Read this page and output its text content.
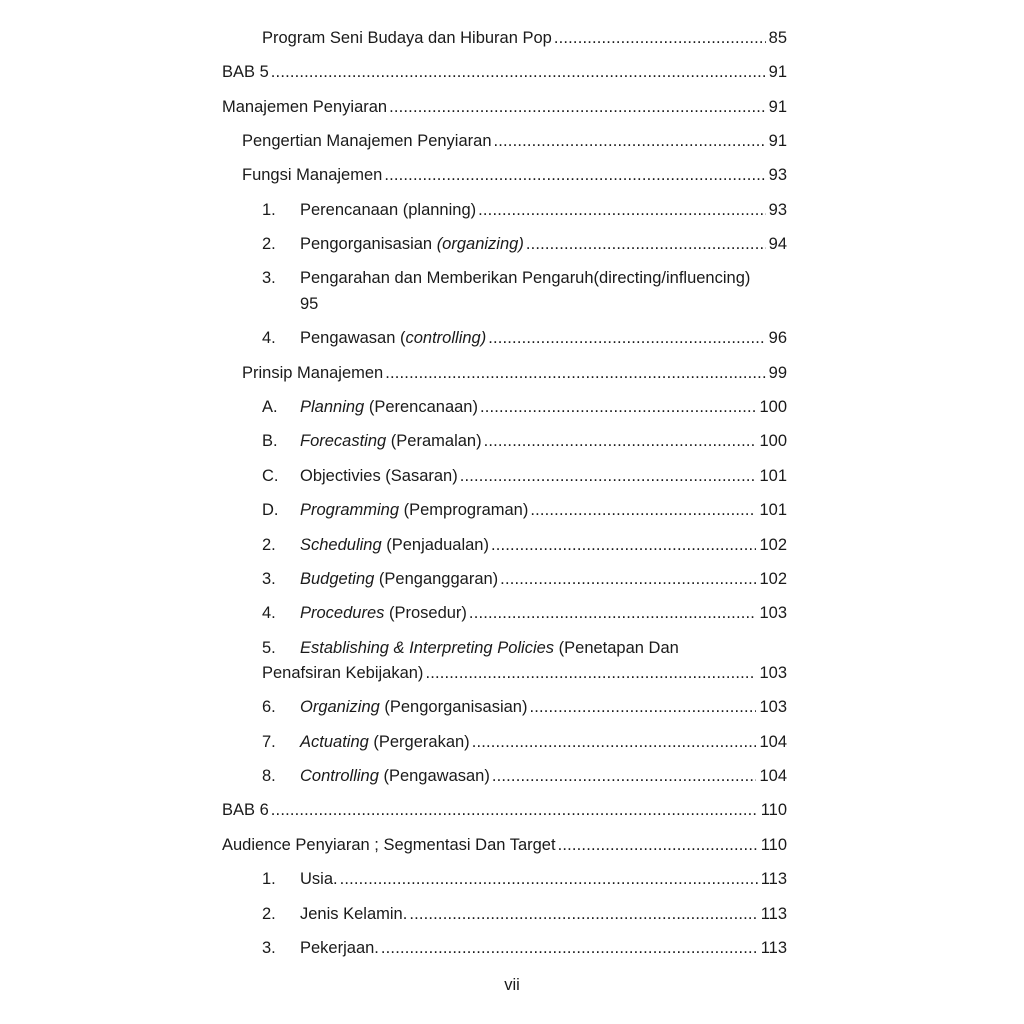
Program Seni Budaya dan Hiburan Pop . . .	85
BAB 5 . . .	91
Manajemen Penyiaran . . .	91
Pengertian Manajemen Penyiaran . . .	91
Fungsi Manajemen . . .	93
1.	Perencanaan (planning) . . .	93
2.	Pengorganisasian (organizing) . . .	94
3. Pengarahan dan Memberikan Pengaruh(directing/influencing)
95
4.	Pengawasan (controlling) . . .	96
Prinsip Manajemen . . .	99
A.	Planning (Perencanaan) . . .	100
B.	Forecasting (Peramalan) . . .	100
C.	Objectivies (Sasaran) . . .	101
D.	Programming (Pemprograman) . . .	101
2.	Scheduling (Penjadualan) . . .	102
3.	Budgeting (Penganggaran) . . .	102
4.	Procedures (Prosedur) . . .	103
5. Establishing & Interpreting Policies (Penetapan Dan
Penafsiran Kebijakan) . . .	103
6.	Organizing (Pengorganisasian) . . .	103
7.	Actuating (Pergerakan) . . .	104
8.	Controlling (Pengawasan) . . .	104
BAB 6 . . .	110
Audience Penyiaran ; Segmentasi Dan Target . . .	110
1.	Usia. . . .	113
2.	Jenis Kelamin. . . .	113
3.	Pekerjaan. . . .	113
vii
